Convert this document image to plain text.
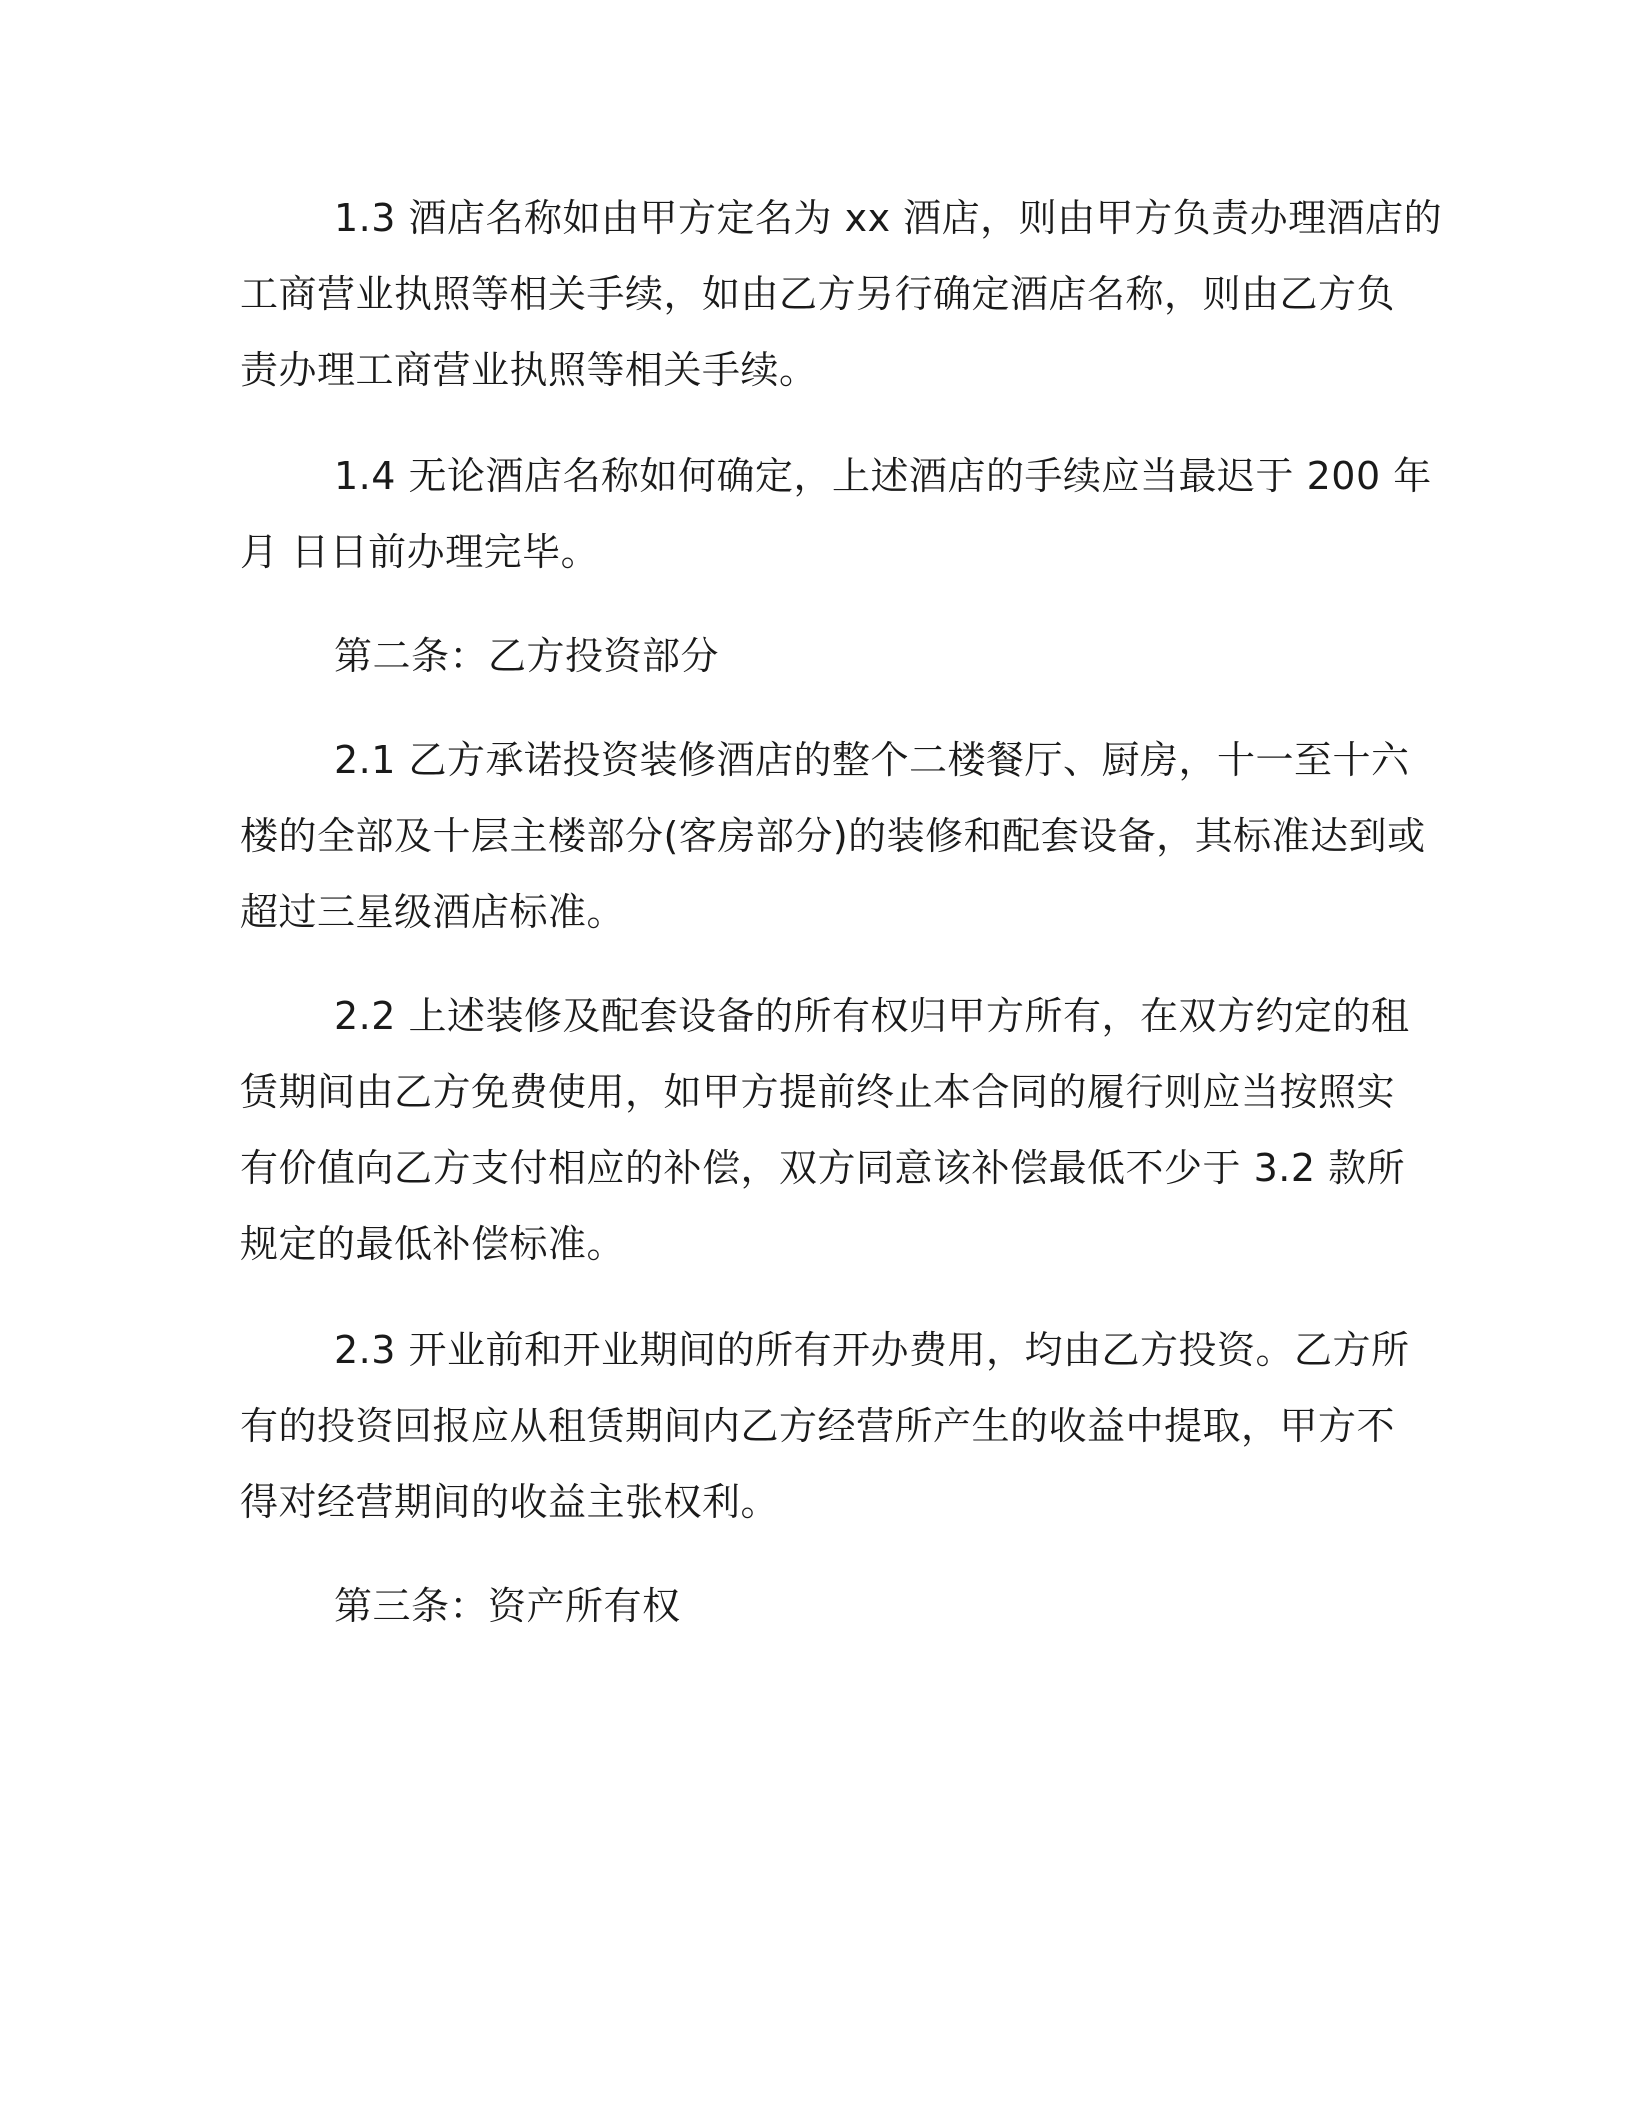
1.3 酒店名称如由甲方定名为 xx 酒店，则由甲方负责办理酒店的
工商营业执照等相关手续，如由乙方另行确定酒店名称，则由乙方负
责办理工商营业执照等相关手续。
1.4 无论酒店名称如何确定，上述酒店的手续应当最迟于 200 年
月 日日前办理完毕。
第二条：乙方投资部分
2.1 乙方承诺投资装修酒店的整个二楼餐厅、厨房，十一至十六
楼的全部及十层主楼部分(客房部分)的装修和配套设备，其标准达到或
超过三星级酒店标准。
2.2 上述装修及配套设备的所有权归甲方所有，在双方约定的租
赁期间由乙方免费使用，如甲方提前终止本合同的履行则应当按照实
有价值向乙方支付相应的补偿，双方同意该补偿最低不少于 3.2 款所
规定的最低补偿标准。
2.3 开业前和开业期间的所有开办费用，均由乙方投资。乙方所
有的投资回报应从租赁期间内乙方经营所产生的收益中提取，甲方不
得对经营期间的收益主张权利。
第三条：资产所有权
